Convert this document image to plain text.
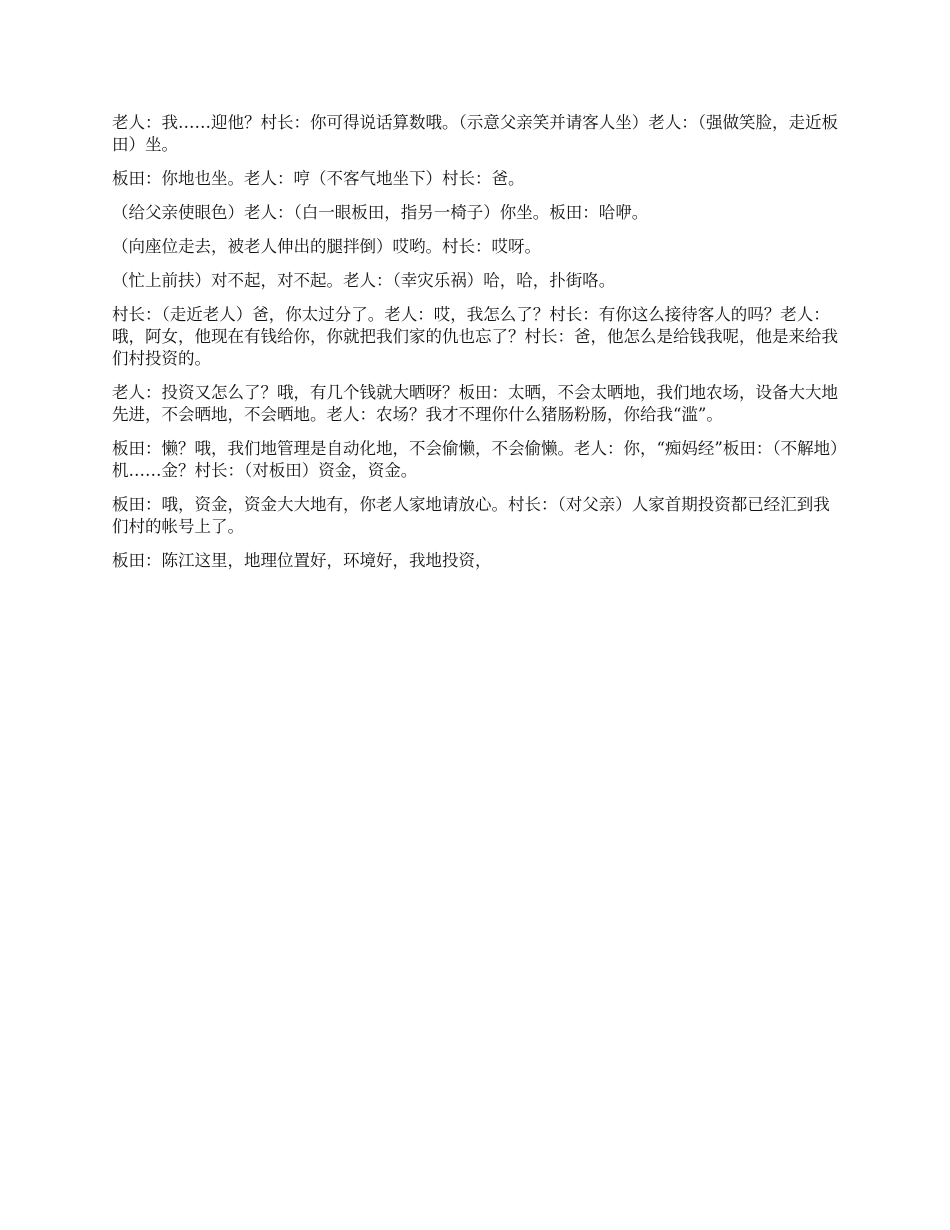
老人：我……迎他？村长：你可得说话算数哦。（示意父亲笑并请客人坐）老人：（强做笑脸，走近板田）坐。

板田：你地也坐。老人：哼（不客气地坐下）村长：爸。

（给父亲使眼色）老人：（白一眼板田，指另一椅子）你坐。板田：哈咿。

（向座位走去，被老人伸出的腿拌倒）哎哟。村长：哎呀。

（忙上前扶）对不起，对不起。老人：（幸灾乐祸）哈，哈，扑街咯。

村长：（走近老人）爸，你太过分了。老人：哎，我怎么了？村长：有你这么接待客人的吗？老人：哦，阿女，他现在有钱给你，你就把我们家的仇也忘了？村长：爸，他怎么是给钱我呢，他是来给我们村投资的。

老人：投资又怎么了？哦，有几个钱就大晒呀？板田：太晒，不会太晒地，我们地农场，设备大大地先进，不会晒地，不会晒地。老人：农场？我才不理你什么猪肠粉肠，你给我“滥”。

板田：懒？哦，我们地管理是自动化地，不会偷懒，不会偷懒。老人：你，“痴妈经”板田：（不解地）机……金？村长：（对板田）资金，资金。

板田：哦，资金，资金大大地有，你老人家地请放心。村长：（对父亲）人家首期投资都已经汇到我们村的帐号上了。

板田：陈江这里，地理位置好，环境好，我地投资，
